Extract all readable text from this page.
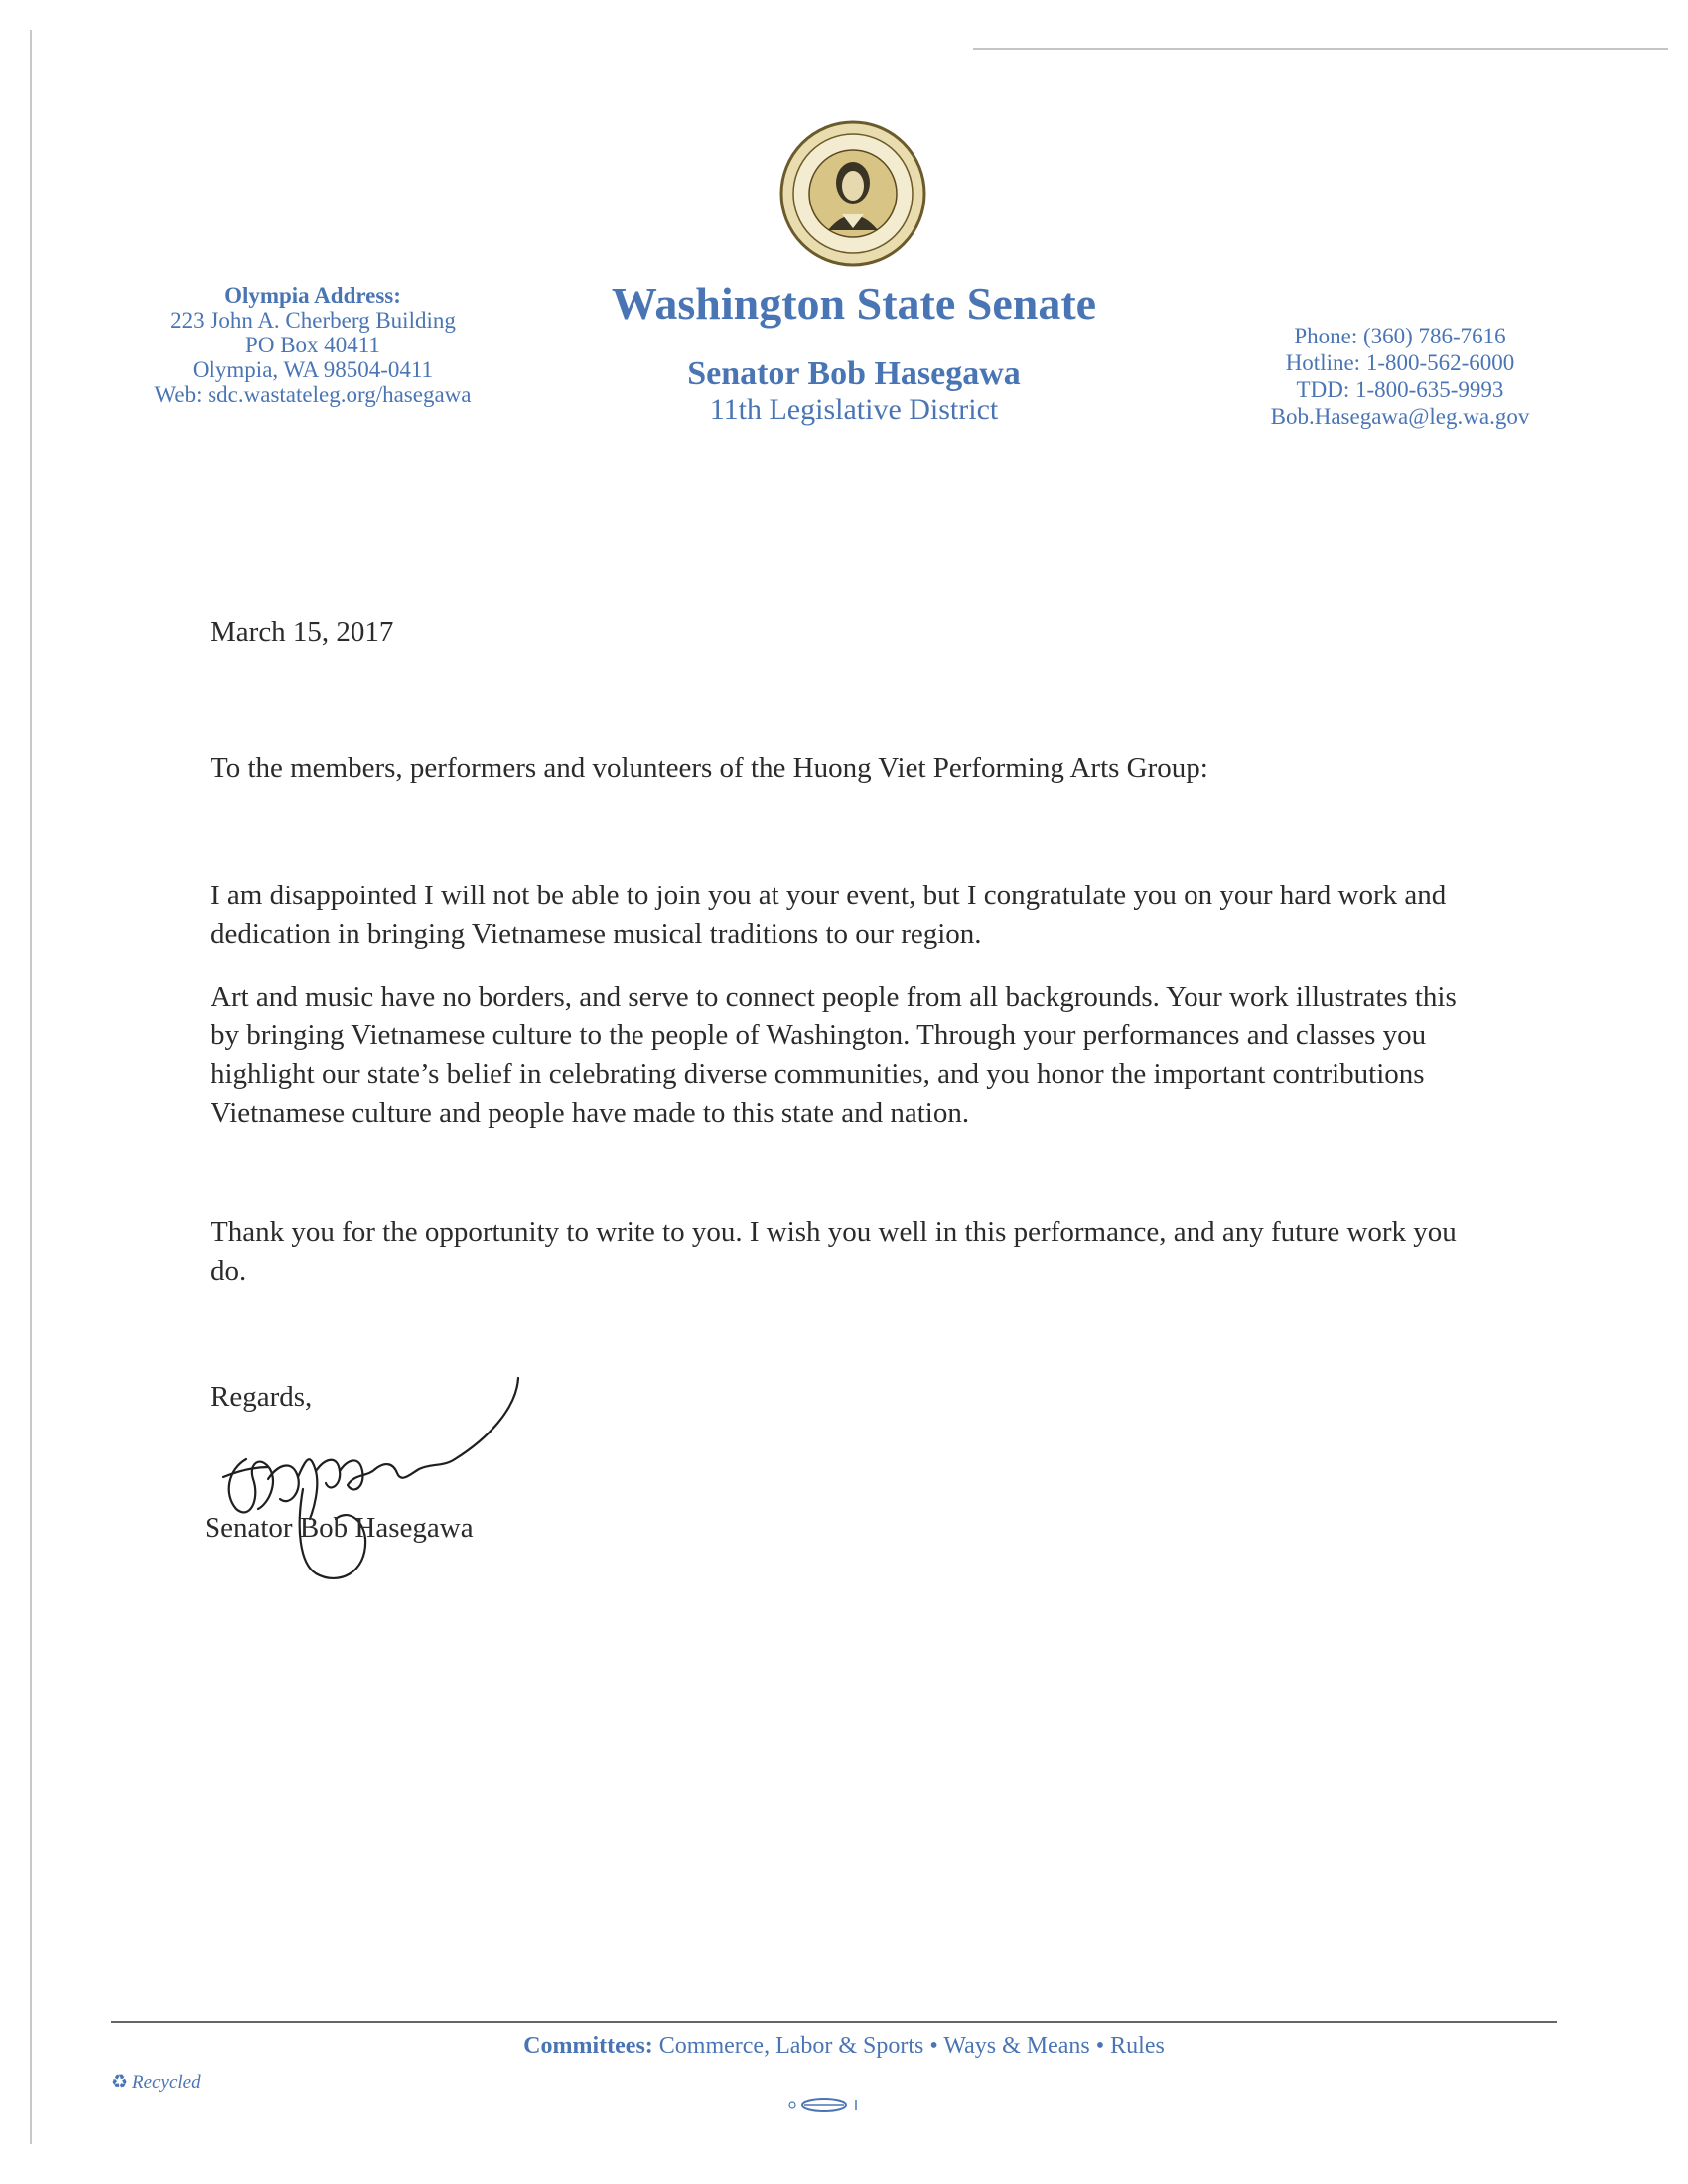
Olympia Address:
223 John A. Cherberg Building
PO Box 40411
Olympia, WA 98504-0411
Web: sdc.wastateleg.org/hasegawa
Washington State Senate
Senator Bob Hasegawa
11th Legislative District
Phone: (360) 786-7616
Hotline: 1-800-562-6000
TDD: 1-800-635-9993
Bob.Hasegawa@leg.wa.gov
March 15, 2017
To the members, performers and volunteers of the Huong Viet Performing Arts Group:
I am disappointed I will not be able to join you at your event, but I congratulate you on your hard work and dedication in bringing Vietnamese musical traditions to our region.
Art and music have no borders, and serve to connect people from all backgrounds. Your work illustrates this by bringing Vietnamese culture to the people of Washington. Through your performances and classes you highlight our state’s belief in celebrating diverse communities, and you honor the important contributions Vietnamese culture and people have made to this state and nation.
Thank you for the opportunity to write to you. I wish you well in this performance, and any future work you do.
Regards,
Senator Bob Hasegawa
Committees: Commerce, Labor & Sports • Ways & Means • Rules
♻ Recycled
